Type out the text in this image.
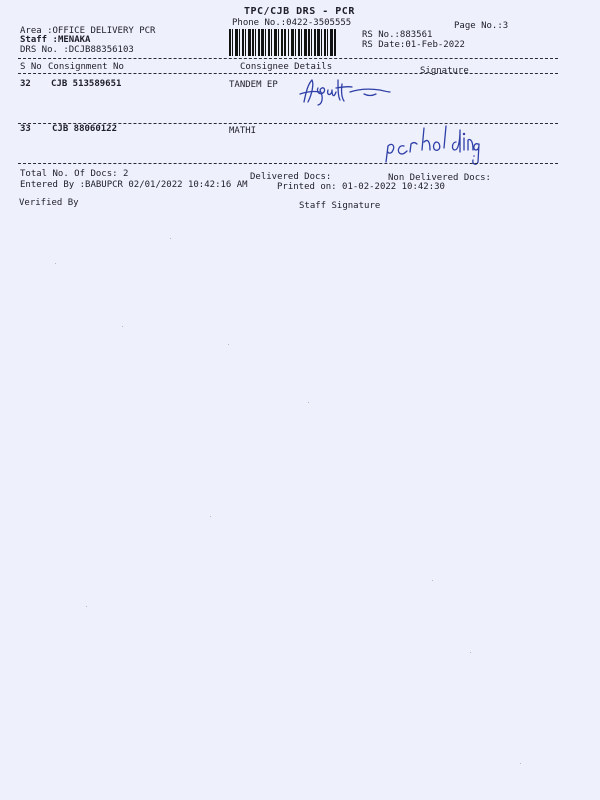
TPC/CJB DRS - PCR
Phone No.:0422-3505555	Page No.:3
Area :OFFICE DELIVERY PCR
Staff :MENAKA
DRS No. :DCJB88356103
RS No.:883561
RS Date:01-Feb-2022
S No Consignment No	Consignee Details	Signature
32 CJB 513589651	TANDEM EP
33 CJB 88060122	MATHI
Total No. Of Docs: 2	Delivered Docs:	Non Delivered Docs:
Entered By :BABUPCR 02/01/2022 10:42:16 AM	Printed on: 01-02-2022 10:42:30
Verified By	Staff Signature
